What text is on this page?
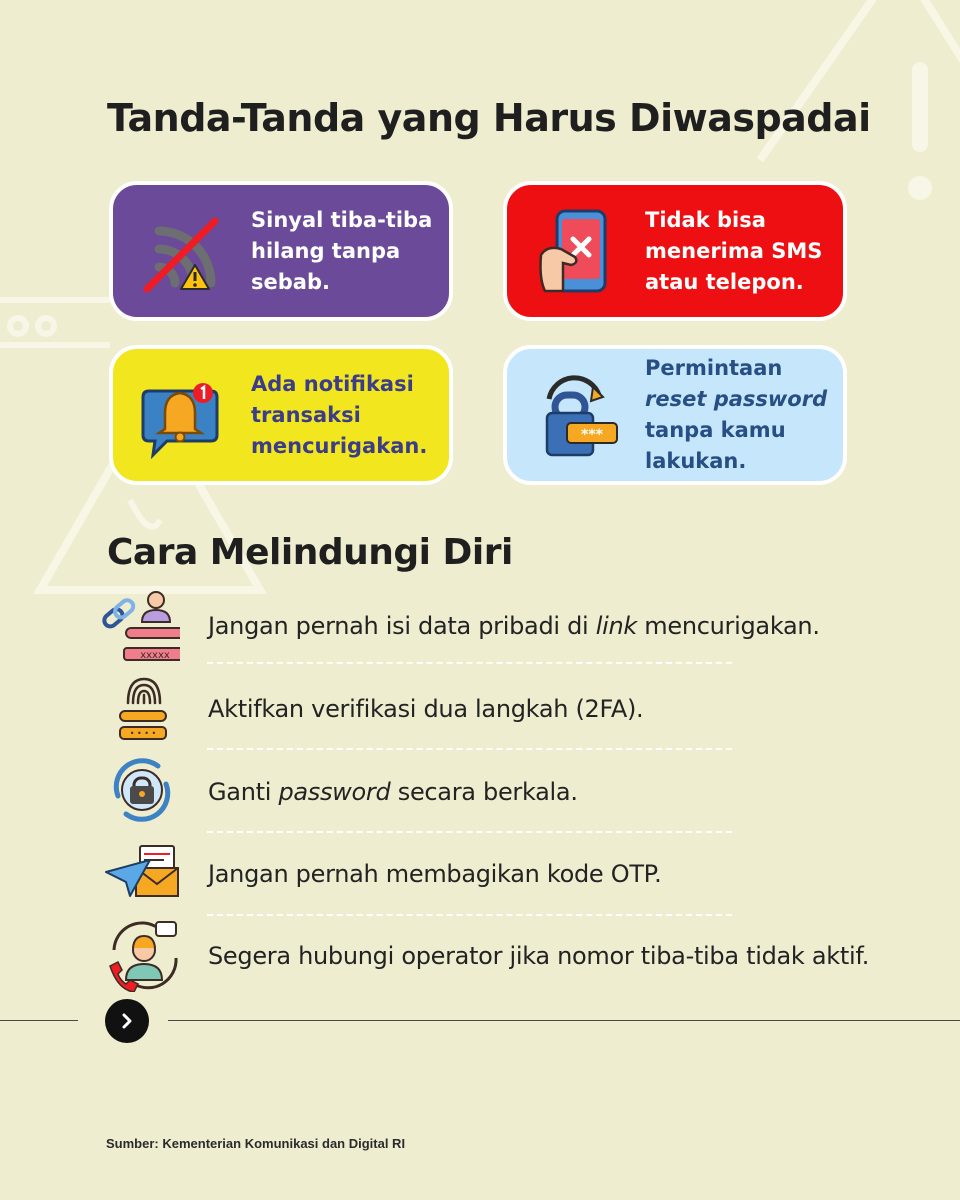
Tanda-Tanda yang Harus Diwaspadai
Sinyal tiba-tiba hilang tanpa sebab.
Tidak bisa menerima SMS atau telepon.
Ada notifikasi transaksi mencurigakan.	***
Permintaan reset password tanpa kamu lakukan.
Cara Melindungi Diri
xxxxx
Jangan pernah isi data pribadi di link mencurigakan.
• • • •
Aktifkan verifikasi dua langkah (2FA).
Ganti password secara berkala.
Jangan pernah membagikan kode OTP.
Segera hubungi operator jika nomor tiba-tiba tidak aktif.
Sumber: Kementerian Komunikasi dan Digital RI
